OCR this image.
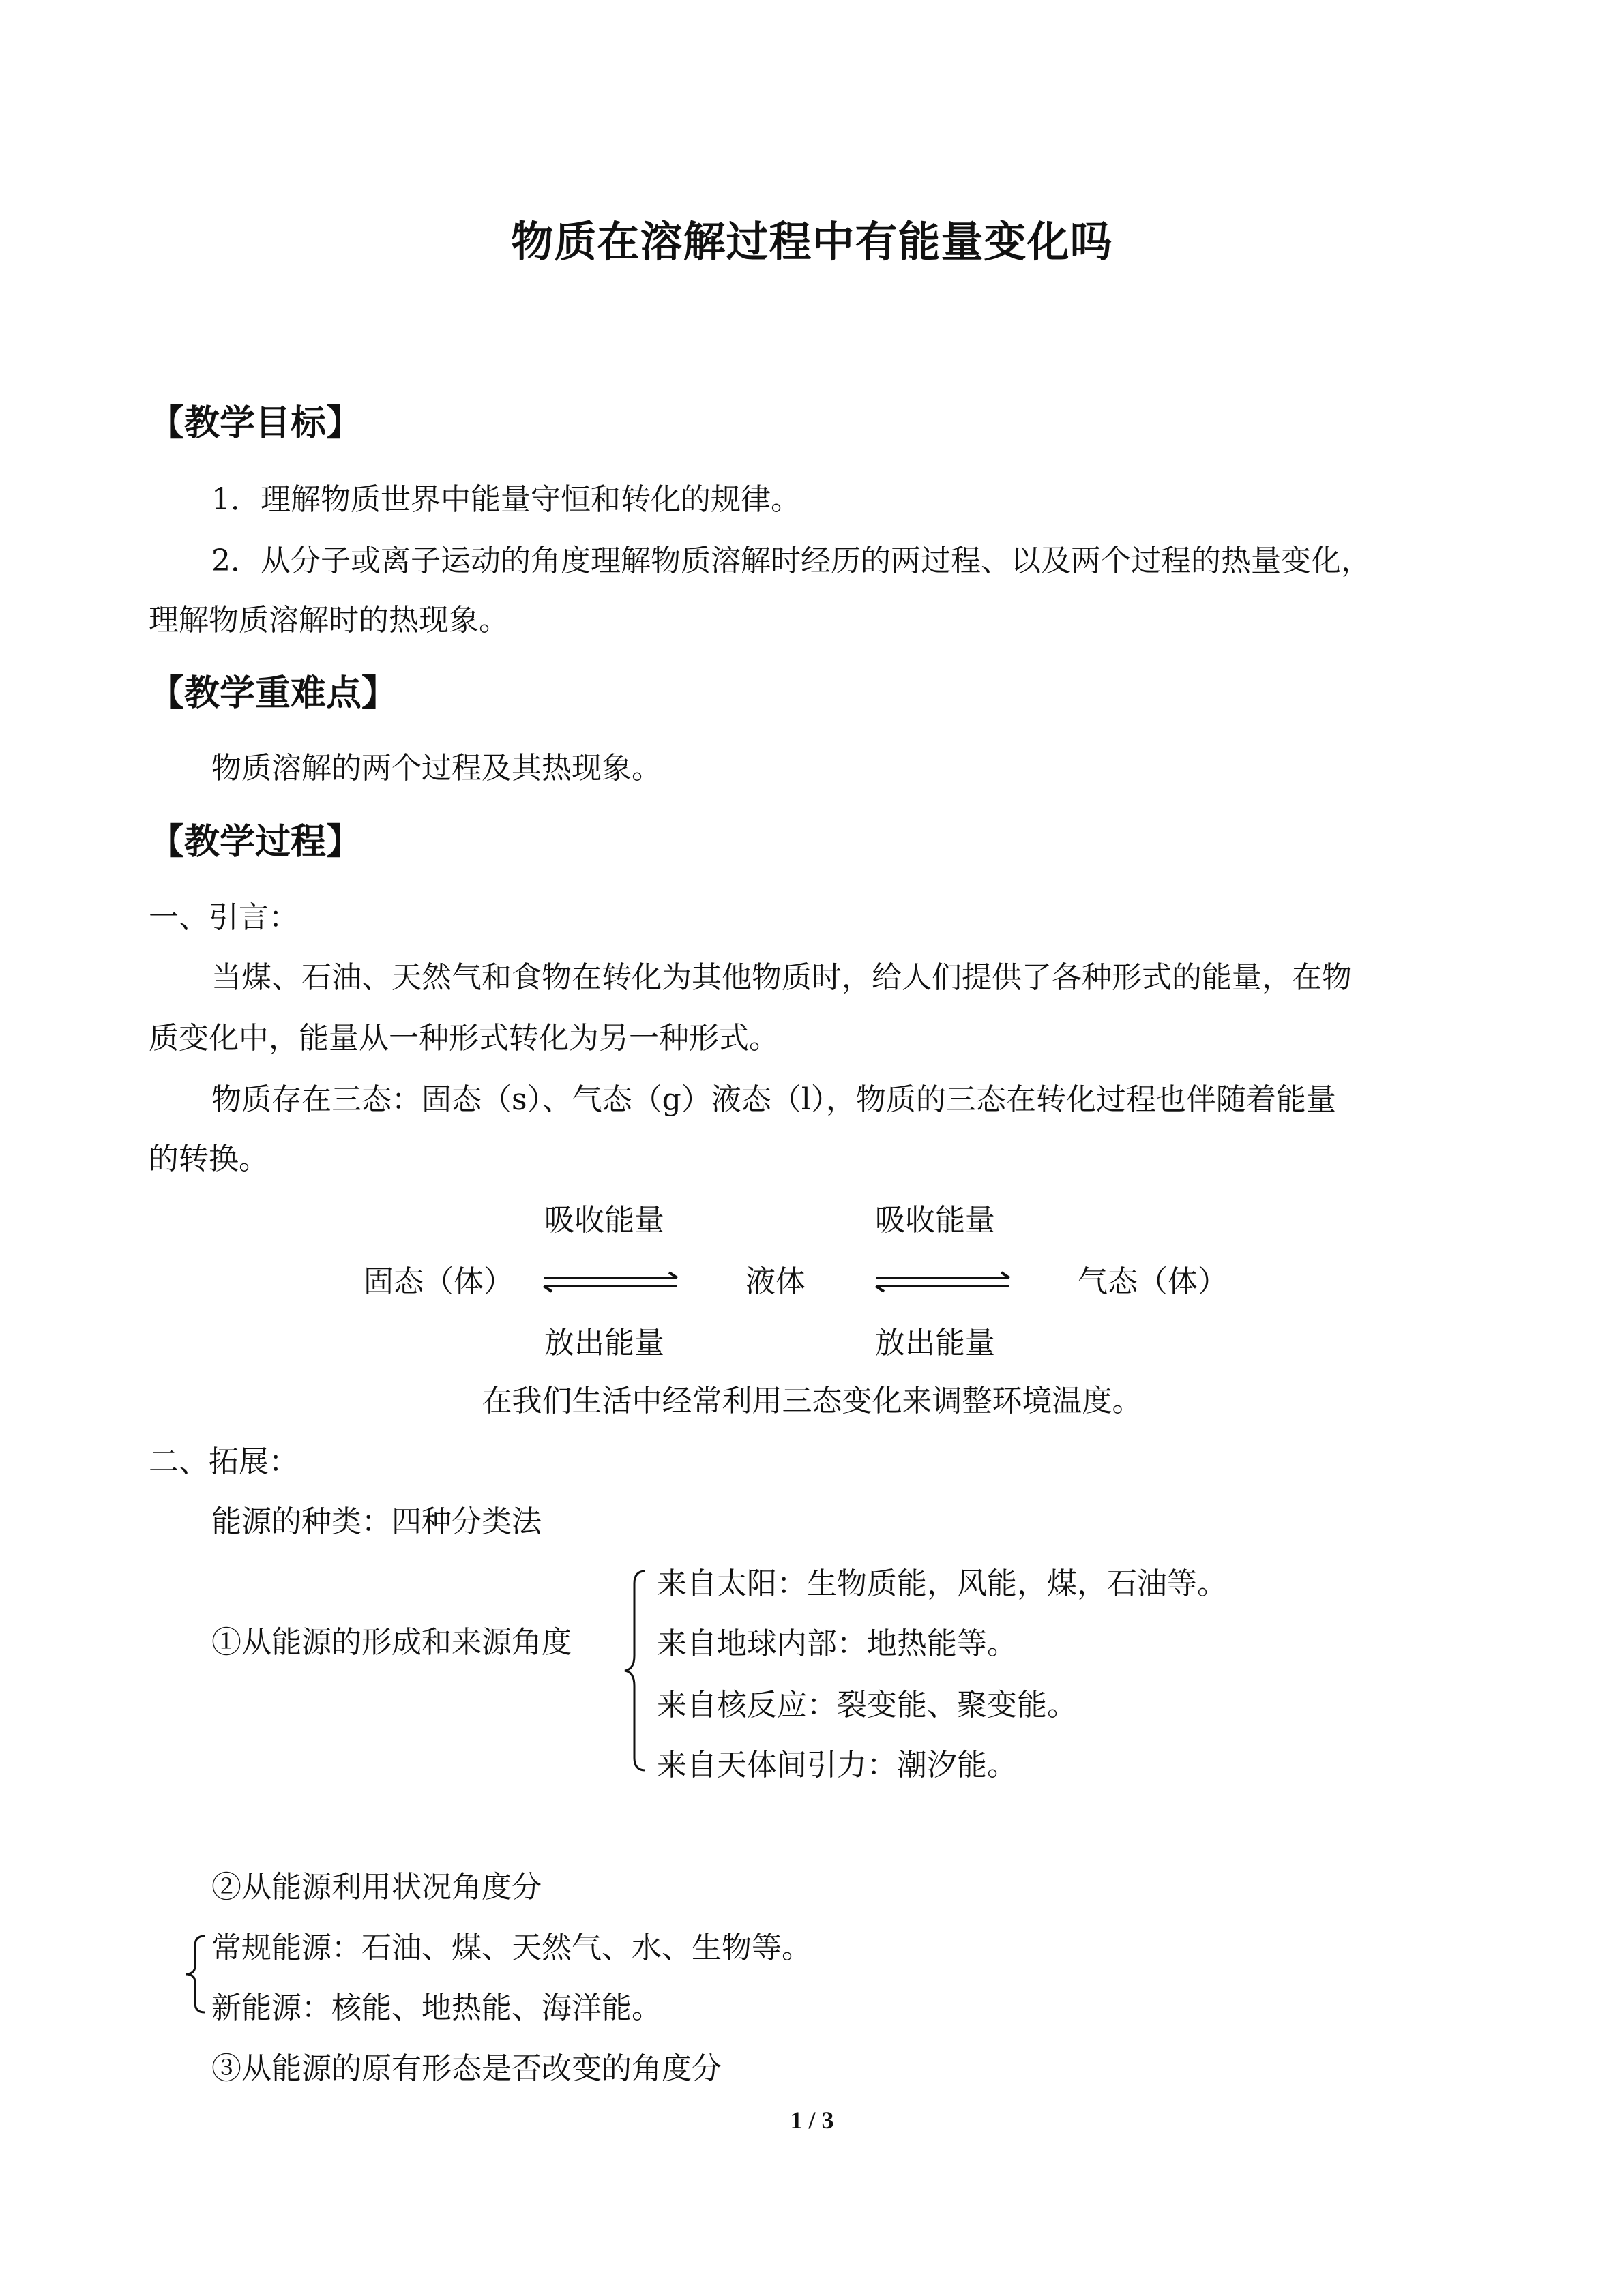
物质在溶解过程中有能量变化吗
【教学目标】
1．理解物质世界中能量守恒和转化的规律。
2．从分子或离子运动的角度理解物质溶解时经历的两过程、以及两个过程的热量变化，
理解物质溶解时的热现象。
【教学重难点】
物质溶解的两个过程及其热现象。
【教学过程】
一、引言：
当煤、石油、天然气和食物在转化为其他物质时，给人们提供了各种形式的能量，在物
质变化中，能量从一种形式转化为另一种形式。
物质存在三态：固态（s）、气态（g）液态（l），物质的三态在转化过程也伴随着能量
的转换。
吸收能量	吸收能量
固态（体）	液体	气态（体）
放出能量	放出能量
在我们生活中经常利用三态变化来调整环境温度。
二、拓展：
能源的种类：四种分类法
①从能源的形成和来源角度
来自太阳：生物质能，风能，煤，石油等。
来自地球内部：地热能等。
来自核反应：裂变能、聚变能。
来自天体间引力：潮汐能。
②从能源利用状况角度分
常规能源：石油、煤、天然气、水、生物等。
新能源：核能、地热能、海洋能。
③从能源的原有形态是否改变的角度分
1 / 3
